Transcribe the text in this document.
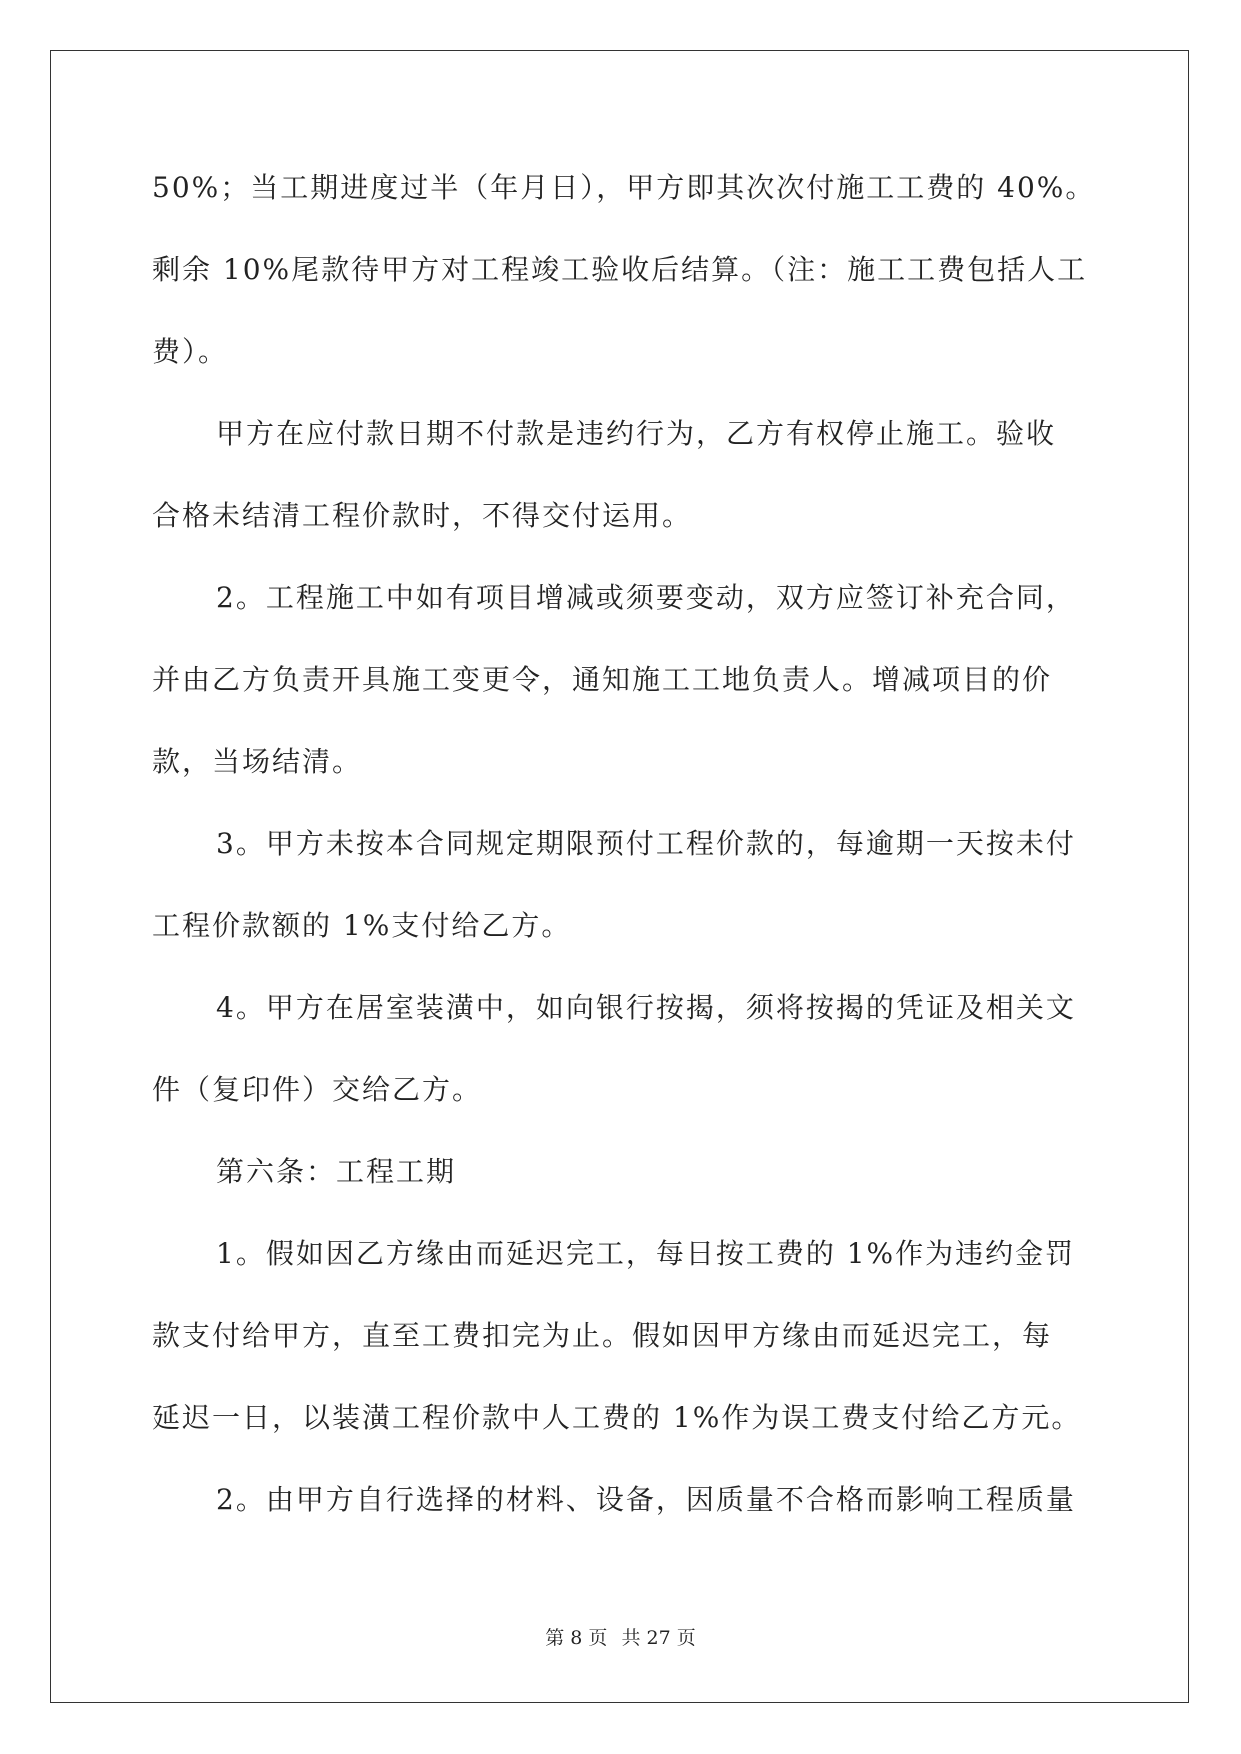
50%；当工期进度过半（年月日），甲方即其次次付施工工费的 40%。
剩余 10%尾款待甲方对工程竣工验收后结算。（注：施工工费包括人工
费）。
甲方在应付款日期不付款是违约行为，乙方有权停止施工。验收
合格未结清工程价款时，不得交付运用。
2。工程施工中如有项目增减或须要变动，双方应签订补充合同，
并由乙方负责开具施工变更令，通知施工工地负责人。增减项目的价
款，当场结清。
3。甲方未按本合同规定期限预付工程价款的，每逾期一天按未付
工程价款额的 1%支付给乙方。
4。甲方在居室装潢中，如向银行按揭，须将按揭的凭证及相关文
件（复印件）交给乙方。
第六条：工程工期
1。假如因乙方缘由而延迟完工，每日按工费的 1%作为违约金罚
款支付给甲方，直至工费扣完为止。假如因甲方缘由而延迟完工，每
延迟一日，以装潢工程价款中人工费的 1%作为误工费支付给乙方元。
2。由甲方自行选择的材料、设备，因质量不合格而影响工程质量
第 8 页 共 27 页
